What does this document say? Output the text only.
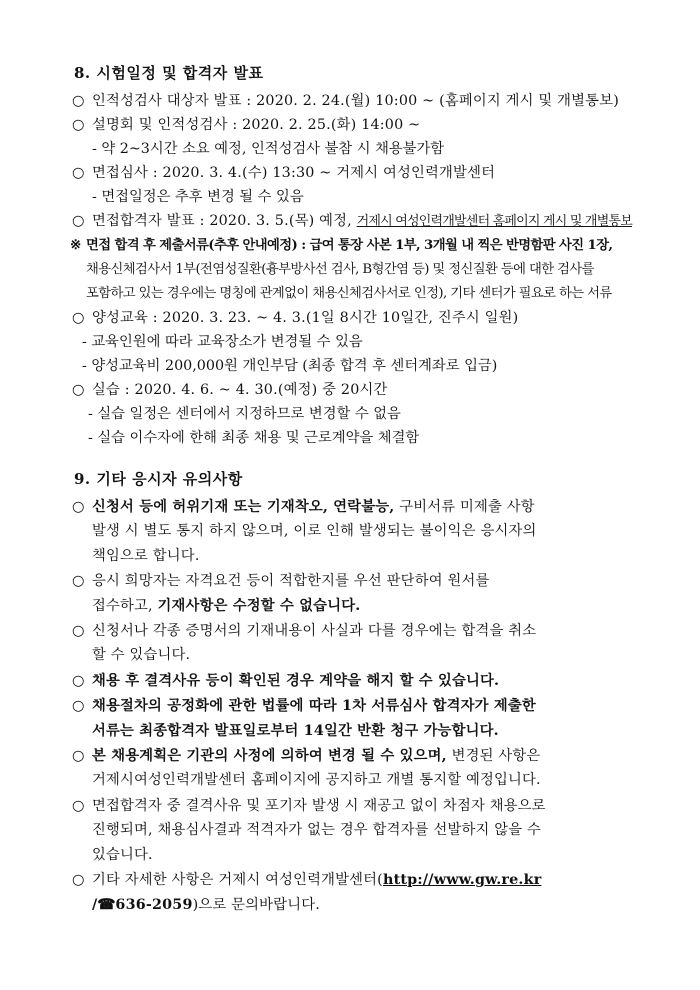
8. 시험일정 및 합격자 발표
○ 인적성검사 대상자 발표 : 2020. 2. 24.(월) 10:00 ~ (홈페이지 게시 및 개별통보)
○ 설명회 및 인적성검사 : 2020. 2. 25.(화) 14:00 ~
- 약 2~3시간 소요 예정, 인적성검사 불참 시 채용불가함
○ 면접심사 : 2020. 3. 4.(수) 13:30 ~ 거제시 여성인력개발센터
- 면접일정은 추후 변경 될 수 있음
○ 면접합격자 발표 : 2020. 3. 5.(목) 예정, 거제시 여성인력개발센터 홈페이지 게시 및 개별통보
※ 면접 합격 후 제출서류(추후 안내예정) : 급여 통장 사본 1부, 3개월 내 찍은 반명함판 사진 1장,
채용신체검사서 1부(전염성질환(흉부방사선 검사, B형간염 등) 및 정신질환 등에 대한 검사를
포함하고 있는 경우에는 명칭에 관계없이 채용신체검사서로 인정), 기타 센터가 필요로 하는 서류
○ 양성교육 : 2020. 3. 23. ~ 4. 3.(1일 8시간 10일간, 진주시 일원)
- 교육인원에 따라 교육장소가 변경될 수 있음
- 양성교육비 200,000원 개인부담 (최종 합격 후 센터계좌로 입금)
○ 실습 : 2020. 4. 6. ~ 4. 30.(예정) 중 20시간
- 실습 일정은 센터에서 지정하므로 변경할 수 없음
- 실습 이수자에 한해 최종 채용 및 근로계약을 체결함
9. 기타 응시자 유의사항
○ 신청서 등에 허위기재 또는 기재착오, 연락불능, 구비서류 미제출 사항
발생 시 별도 통지 하지 않으며, 이로 인해 발생되는 불이익은 응시자의
책임으로 합니다.
○ 응시 희망자는 자격요건 등이 적합한지를 우선 판단하여 원서를
접수하고, 기재사항은 수정할 수 없습니다.
○ 신청서나 각종 증명서의 기재내용이 사실과 다를 경우에는 합격을 취소
할 수 있습니다.
○ 채용 후 결격사유 등이 확인된 경우 계약을 해지 할 수 있습니다.
○ 채용절차의 공정화에 관한 법률에 따라 1차 서류심사 합격자가 제출한
서류는 최종합격자 발표일로부터 14일간 반환 청구 가능합니다.
○ 본 채용계획은 기관의 사정에 의하여 변경 될 수 있으며, 변경된 사항은
거제시여성인력개발센터 홈페이지에 공지하고 개별 통지할 예정입니다.
○ 면접합격자 중 결격사유 및 포기자 발생 시 재공고 없이 차점자 채용으로
진행되며, 채용심사결과 적격자가 없는 경우 합격자를 선발하지 않을 수
있습니다.
○ 기타 자세한 사항은 거제시 여성인력개발센터(http://www.gw.re.kr
/☎636-2059)으로 문의바랍니다.
